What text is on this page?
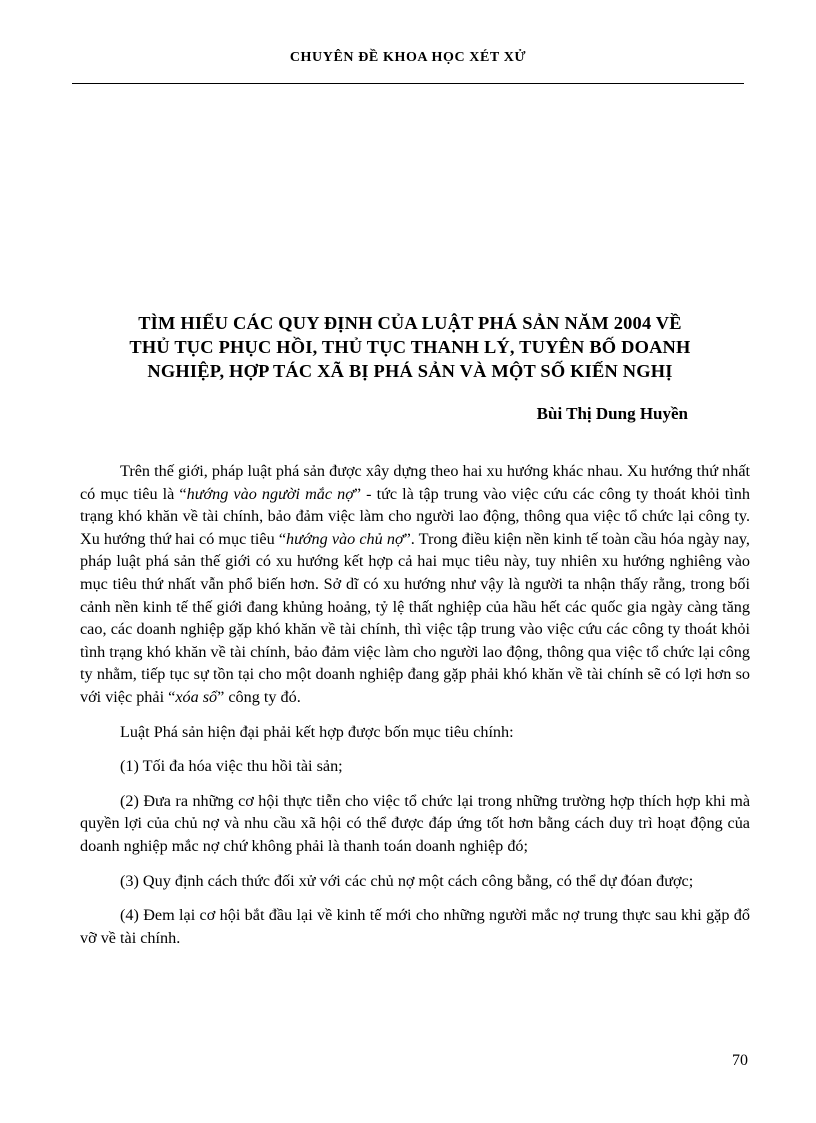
CHUYÊN ĐỀ KHOA HỌC XÉT XỬ
TÌM HIỂU CÁC QUY ĐỊNH CỦA LUẬT PHÁ SẢN NĂM 2004 VỀ
THỦ TỤC PHỤC HỒI, THỦ TỤC THANH LÝ, TUYÊN BỐ DOANH
NGHIỆP, HỢP TÁC XÃ BỊ PHÁ SẢN VÀ MỘT SỐ KIẾN NGHỊ
Bùi Thị Dung Huyền

Trên thế giới, pháp luật phá sản được xây dựng theo hai xu hướng khác nhau. Xu hướng thứ nhất có mục tiêu là “hướng vào người mắc nợ” - tức là tập trung vào việc cứu các công ty thoát khỏi tình trạng khó khăn về tài chính, bảo đảm việc làm cho người lao động, thông qua việc tổ chức lại công ty. Xu hướng thứ hai có mục tiêu “hướng vào chủ nợ”. Trong điều kiện nền kinh tế toàn cầu hóa ngày nay, pháp luật phá sản thế giới có xu hướng kết hợp cả hai mục tiêu này, tuy nhiên xu hướng nghiêng vào mục tiêu thứ nhất vẫn phổ biến hơn. Sở dĩ có xu hướng như vậy là người ta nhận thấy rằng, trong bối cảnh nền kinh tế thế giới đang khủng hoảng, tỷ lệ thất nghiệp của hầu hết các quốc gia ngày càng tăng cao, các doanh nghiệp gặp khó khăn về tài chính, thì việc tập trung vào việc cứu các công ty thoát khỏi tình trạng khó khăn về tài chính, bảo đảm việc làm cho người lao động, thông qua việc tổ chức lại công ty nhằm, tiếp tục sự tồn tại cho một doanh nghiệp đang gặp phải khó khăn về tài chính sẽ có lợi hơn so với việc phải “xóa sổ” công ty đó.

Luật Phá sản hiện đại phải kết hợp được bốn mục tiêu chính:

(1) Tối đa hóa việc thu hồi tài sản;

(2) Đưa ra những cơ hội thực tiễn cho việc tổ chức lại trong những trường hợp thích hợp khi mà quyền lợi của chủ nợ và nhu cầu xã hội có thể được đáp ứng tốt hơn bằng cách duy trì hoạt động của doanh nghiệp mắc nợ chứ không phải là thanh toán doanh nghiệp đó;

(3) Quy định cách thức đối xử với các chủ nợ một cách công bằng, có thể dự đóan được;

(4) Đem lại cơ hội bắt đầu lại về kinh tế mới cho những người mắc nợ trung thực sau khi gặp đổ vỡ về tài chính.

70
